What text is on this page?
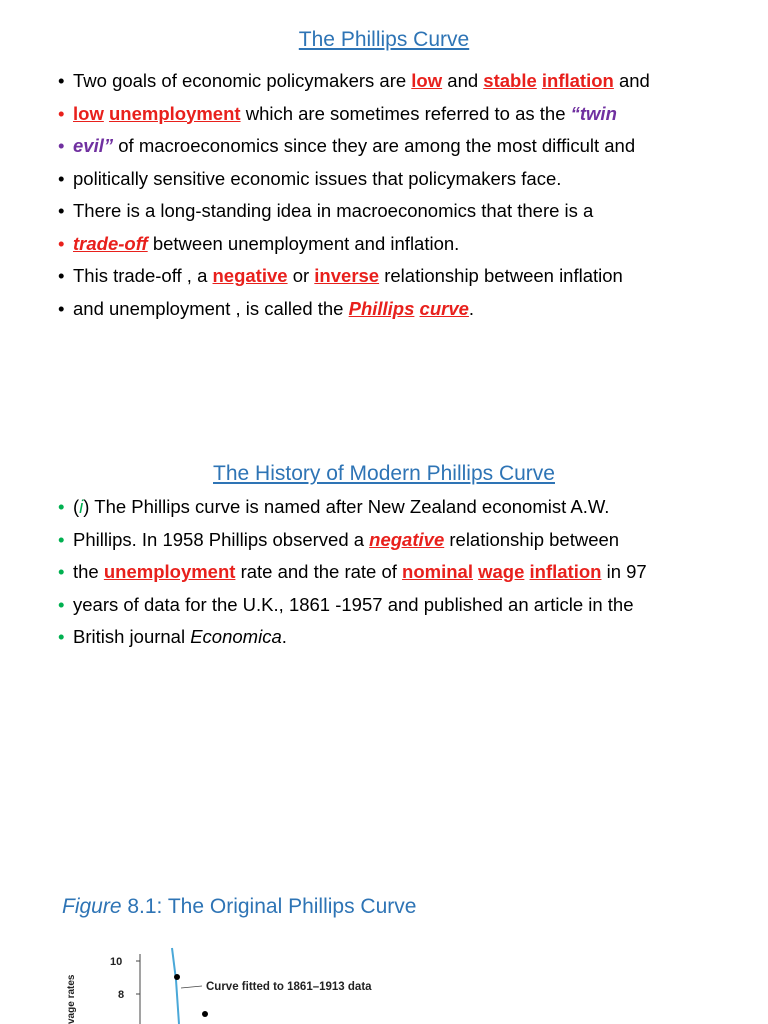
The Phillips Curve
• Two goals of economic policymakers are low and stable inflation and
• low unemployment which are sometimes referred to as the “twin
• evil” of macroeconomics since they are among the most difficult and
• politically sensitive economic issues that policymakers face.
• There is a long-standing idea in macroeconomics that there is a
• trade-off between unemployment and inflation.
• This trade-off , a negative or inverse relationship between inflation
• and unemployment , is called the Phillips curve.
The History of Modern Phillips Curve
• (i) The Phillips curve is named after New Zealand economist A.W.
• Phillips. In 1958 Phillips observed a negative relationship between
• the unemployment rate and the rate of nominal wage inflation in 97
• years of data for the U.K., 1861 -1957 and published an article in the
• British journal Economica.
Figure 8.1: The Original Phillips Curve
vage rates
10
8
Curve fitted to 1861–1913 data
